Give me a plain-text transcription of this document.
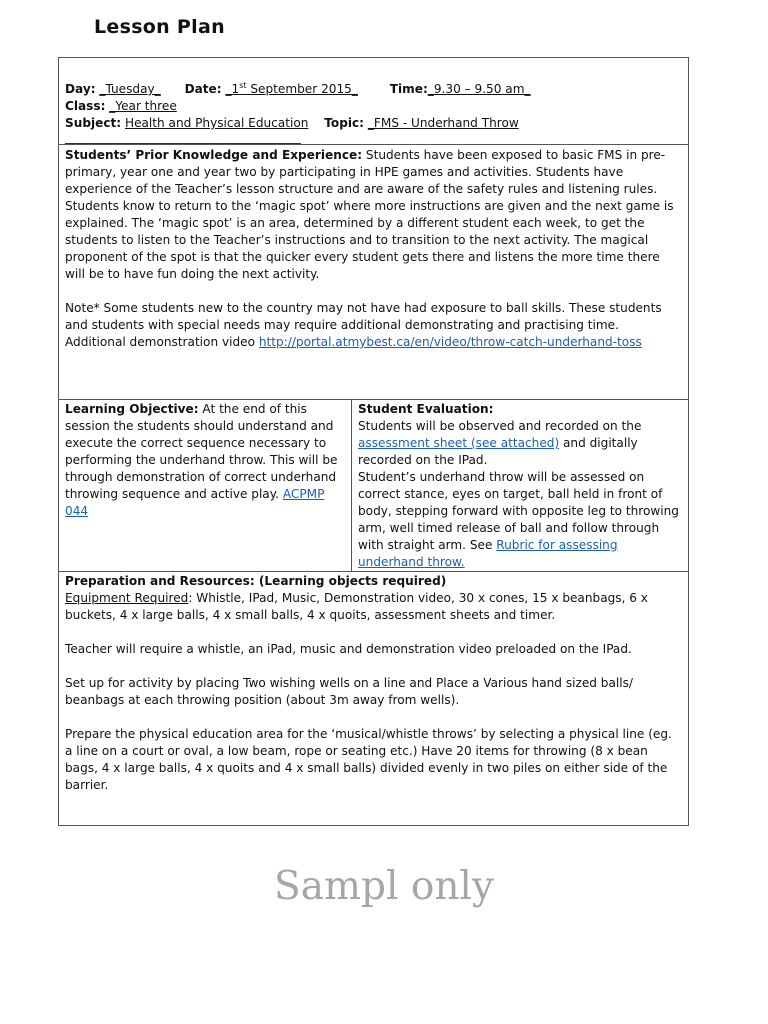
Lesson Plan
Day: _Tuesday_ Date: _1st September 2015_	Time:_9.30 – 9.50 am_
Class: _Year three
Subject: Health and Physical Education Topic: _FMS - Underhand Throw
_______________________________________

Students’ Prior Knowledge and Experience: Students have been exposed to basic FMS in pre-primary, year one and year two by participating in HPE games and activities. Students have experience of the Teacher’s lesson structure and are aware of the safety rules and listening rules. Students know to return to the ‘magic spot’ where more instructions are given and the next game is explained. The ‘magic spot’ is an area, determined by a different student each week, to get the students to listen to the Teacher’s instructions and to transition to the next activity. The magical proponent of the spot is that the quicker every student gets there and listens the more time there will be to have fun doing the next activity.

Note* Some students new to the country may not have had exposure to ball skills. These students and students with special needs may require additional demonstrating and practising time. Additional demonstration video http://portal.atmybest.ca/en/video/throw-catch-underhand-toss

Learning Objective: At the end of this session the students should understand and execute the correct sequence necessary to performing the underhand throw. This will be through demonstration of correct underhand throwing sequence and active play. ACPMP 044
Student Evaluation:
Students will be observed and recorded on the assessment sheet (see attached) and digitally recorded on the IPad.
Student’s underhand throw will be assessed on correct stance, eyes on target, ball held in front of body, stepping forward with opposite leg to throwing arm, well timed release of ball and follow through with straight arm. See Rubric for assessing underhand throw.

Preparation and Resources: (Learning objects required)

Equipment Required: Whistle, IPad, Music, Demonstration video, 30 x cones, 15 x beanbags, 6 x buckets, 4 x large balls, 4 x small balls, 4 x quoits, assessment sheets and timer.

Teacher will require a whistle, an iPad, music and demonstration video preloaded on the IPad.

Set up for activity by placing Two wishing wells on a line and Place a Various hand sized balls/ beanbags at each throwing position (about 3m away from wells).

Prepare the physical education area for the ‘musical/whistle throws’ by selecting a physical line (eg. a line on a court or oval, a low beam, rope or seating etc.) Have 20 items for throwing (8 x bean bags, 4 x large balls, 4 x quoits and 4 x small balls) divided evenly in two piles on either side of the barrier.

Sampl only
